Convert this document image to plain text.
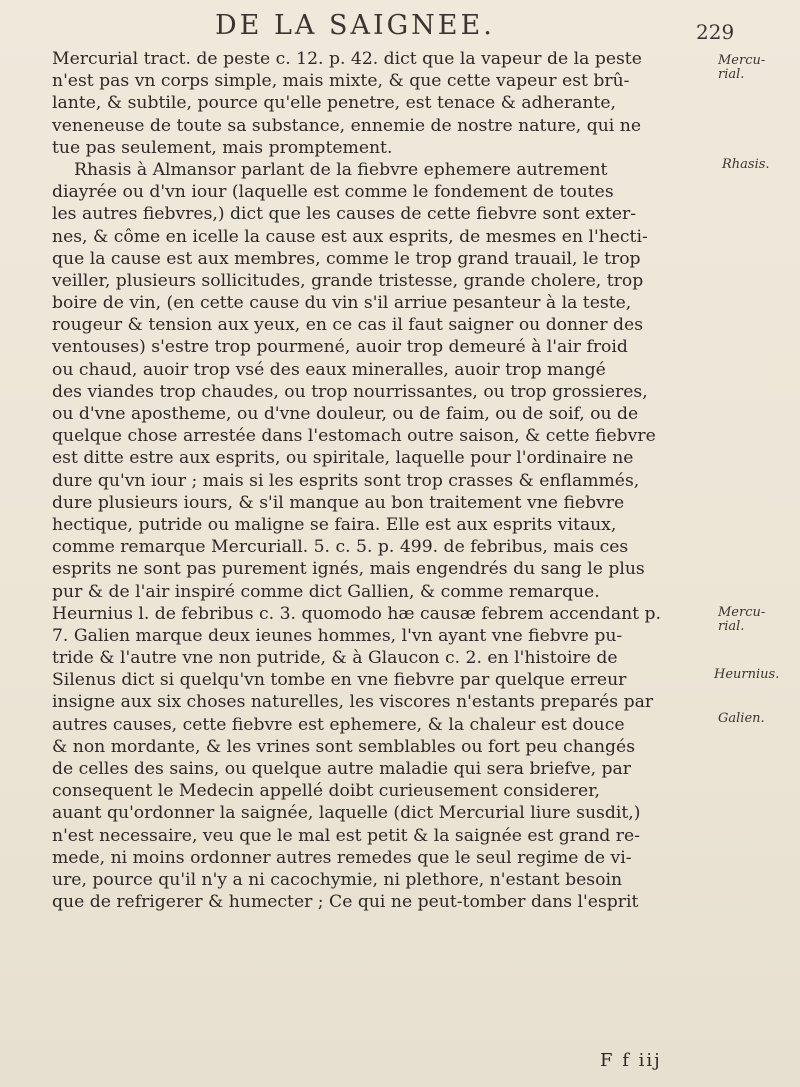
DE LA SAIGNEE.	229
Mercurial tract. de peste c. 12. p. 42. dict que la vapeur de la peste
n'est pas vn corps simple, mais mixte, & que cette vapeur est brû-
lante, & subtile, pource qu'elle penetre, est tenace & adherante,
veneneuse de toute sa substance, ennemie de nostre nature, qui ne
tue pas seulement, mais promptement.
Rhasis à Almansor parlant de la fiebvre ephemere autrement
diayrée ou d'vn iour (laquelle est comme le fondement de toutes
les autres fiebvres,) dict que les causes de cette fiebvre sont exter-
nes, & côme en icelle la cause est aux esprits, de mesmes en l'hecti-
que la cause est aux membres, comme le trop grand trauail, le trop
veiller, plusieurs sollicitudes, grande tristesse, grande cholere, trop
boire de vin, (en cette cause du vin s'il arriue pesanteur à la teste,
rougeur & tension aux yeux, en ce cas il faut saigner ou donner des
ventouses) s'estre trop pourmené, auoir trop demeuré à l'air froid
ou chaud, auoir trop vsé des eaux mineralles, auoir trop mangé
des viandes trop chaudes, ou trop nourrissantes, ou trop grossieres,
ou d'vne apostheme, ou d'vne douleur, ou de faim, ou de soif, ou de
quelque chose arrestée dans l'estomach outre saison, & cette fiebvre
est ditte estre aux esprits, ou spiritale, laquelle pour l'ordinaire ne
dure qu'vn iour ; mais si les esprits sont trop crasses & enflammés,
dure plusieurs iours, & s'il manque au bon traitement vne fiebvre
hectique, putride ou maligne se faira. Elle est aux esprits vitaux,
comme remarque Mercuriall. 5. c. 5. p. 499. de febribus, mais ces
esprits ne sont pas purement ignés, mais engendrés du sang le plus
pur & de l'air inspiré comme dict Gallien, & comme remarque.
Heurnius l. de febribus c. 3. quomodo hæ causæ febrem accendant p.
7. Galien marque deux ieunes hommes, l'vn ayant vne fiebvre pu-
tride & l'autre vne non putride, & à Glaucon c. 2. en l'histoire de
Silenus dict si quelqu'vn tombe en vne fiebvre par quelque erreur
insigne aux six choses naturelles, les viscores n'estants preparés par
autres causes, cette fiebvre est ephemere, & la chaleur est douce
& non mordante, & les vrines sont semblables ou fort peu changés
de celles des sains, ou quelque autre maladie qui sera briefve, par
consequent le Medecin appellé doibt curieusement considerer,
auant qu'ordonner la saignée, laquelle (dict Mercurial liure susdit,)
n'est necessaire, veu que le mal est petit & la saignée est grand re-
mede, ni moins ordonner autres remedes que le seul regime de vi-
ure, pource qu'il n'y a ni cacochymie, ni plethore, n'estant besoin
que de refrigerer & humecter ; Ce qui ne peut-tomber dans l'esprit
Mercu-
rial.
Rhasis.
Mercu-
rial.
Heurnius.
Galien.
F f iij
